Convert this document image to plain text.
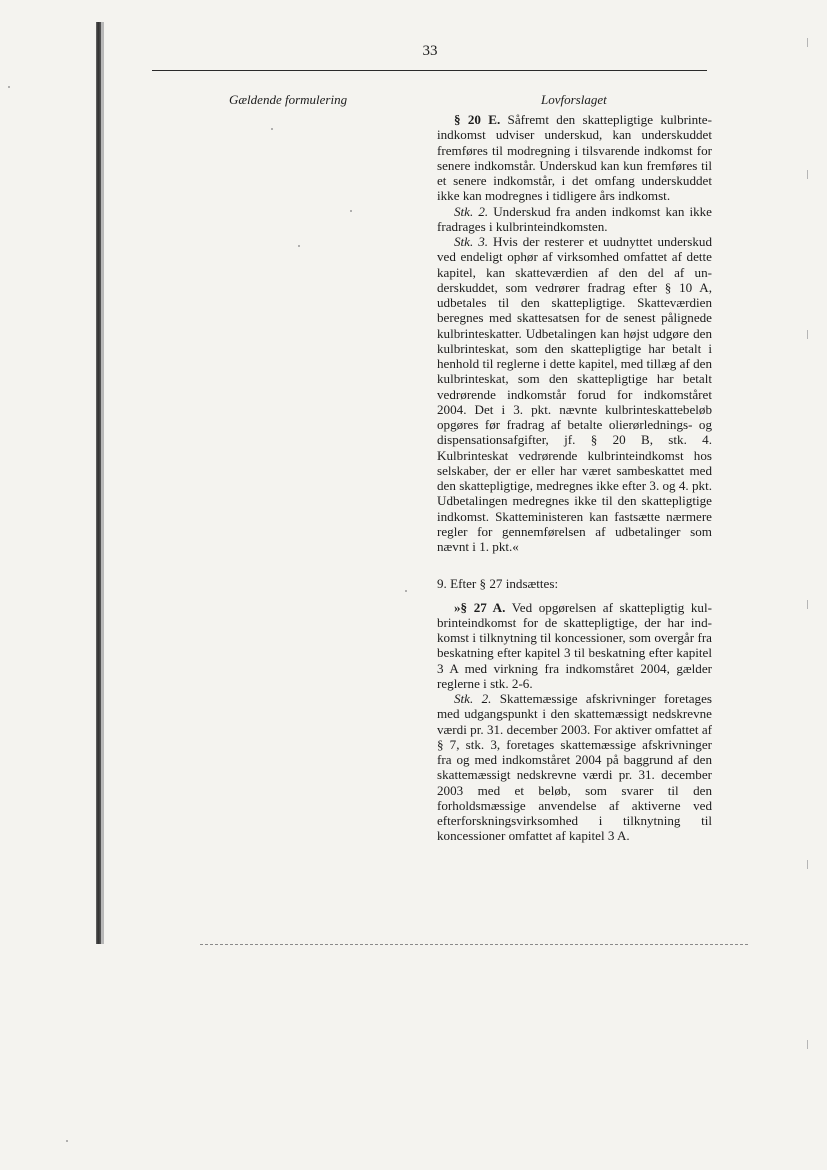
33
Gældende formulering	Lovforslaget

§ 20 E. Såfremt den skattepligtige kulbrinteindkomst udviser underskud, kan underskuddet fremføres til modregning i tilsvarende indkomst for senere indkomstår. Underskud kan kun fremføres til et senere indkomstår, i det omfang underskuddet ikke kan modregnes i tidligere års indkomst.

Stk. 2. Underskud fra anden indkomst kan ikke fradrages i kulbrinteindkomsten.

Stk. 3. Hvis der resterer et uudnyttet underskud ved endeligt ophør af virksomhed omfattet af dette kapitel, kan skatteværdien af den del af underskuddet, som vedrører fradrag efter § 10 A, udbetales til den skattepligtige. Skatteværdien beregnes med skattesatsen for de senest pålignede kulbrinteskatter. Udbetalingen kan højst udgøre den kulbrinteskat, som den skattepligtige har betalt i henhold til reglerne i dette kapitel, med tillæg af den kulbrinteskat, som den skattepligtige har betalt vedrørende indkomstår forud for indkomståret 2004. Det i 3. pkt. nævnte kulbrinteskattebeløb opgøres før fradrag af betalte olierørlednings- og dispensationsafgifter, jf. § 20 B, stk. 4. Kulbrinteskat vedrørende kulbrinteindkomst hos selskaber, der er eller har været sambeskattet med den skattepligtige, medregnes ikke efter 3. og 4. pkt. Udbetalingen medregnes ikke til den skattepligtige indkomst. Skatteministeren kan fastsætte nærmere regler for gennemførelsen af udbetalinger som nævnt i 1. pkt.«

9. Efter § 27 indsættes:

»§ 27 A. Ved opgørelsen af skattepligtig kulbrinteindkomst for de skattepligtige, der har indkomst i tilknytning til koncessioner, som overgår fra beskatning efter kapitel 3 til beskatning efter kapitel 3 A med virkning fra indkomståret 2004, gælder reglerne i stk. 2-6.

Stk. 2. Skattemæssige afskrivninger foretages med udgangspunkt i den skattemæssigt nedskrevne værdi pr. 31. december 2003. For aktiver omfattet af § 7, stk. 3, foretages skattemæssige afskrivninger fra og med indkomståret 2004 på baggrund af den skattemæssigt nedskrevne værdi pr. 31. december 2003 med et beløb, som svarer til den forholdsmæssige anvendelse af aktiverne ved efterforskningsvirksomhed i tilknytning til koncessioner omfattet af kapitel 3 A.
